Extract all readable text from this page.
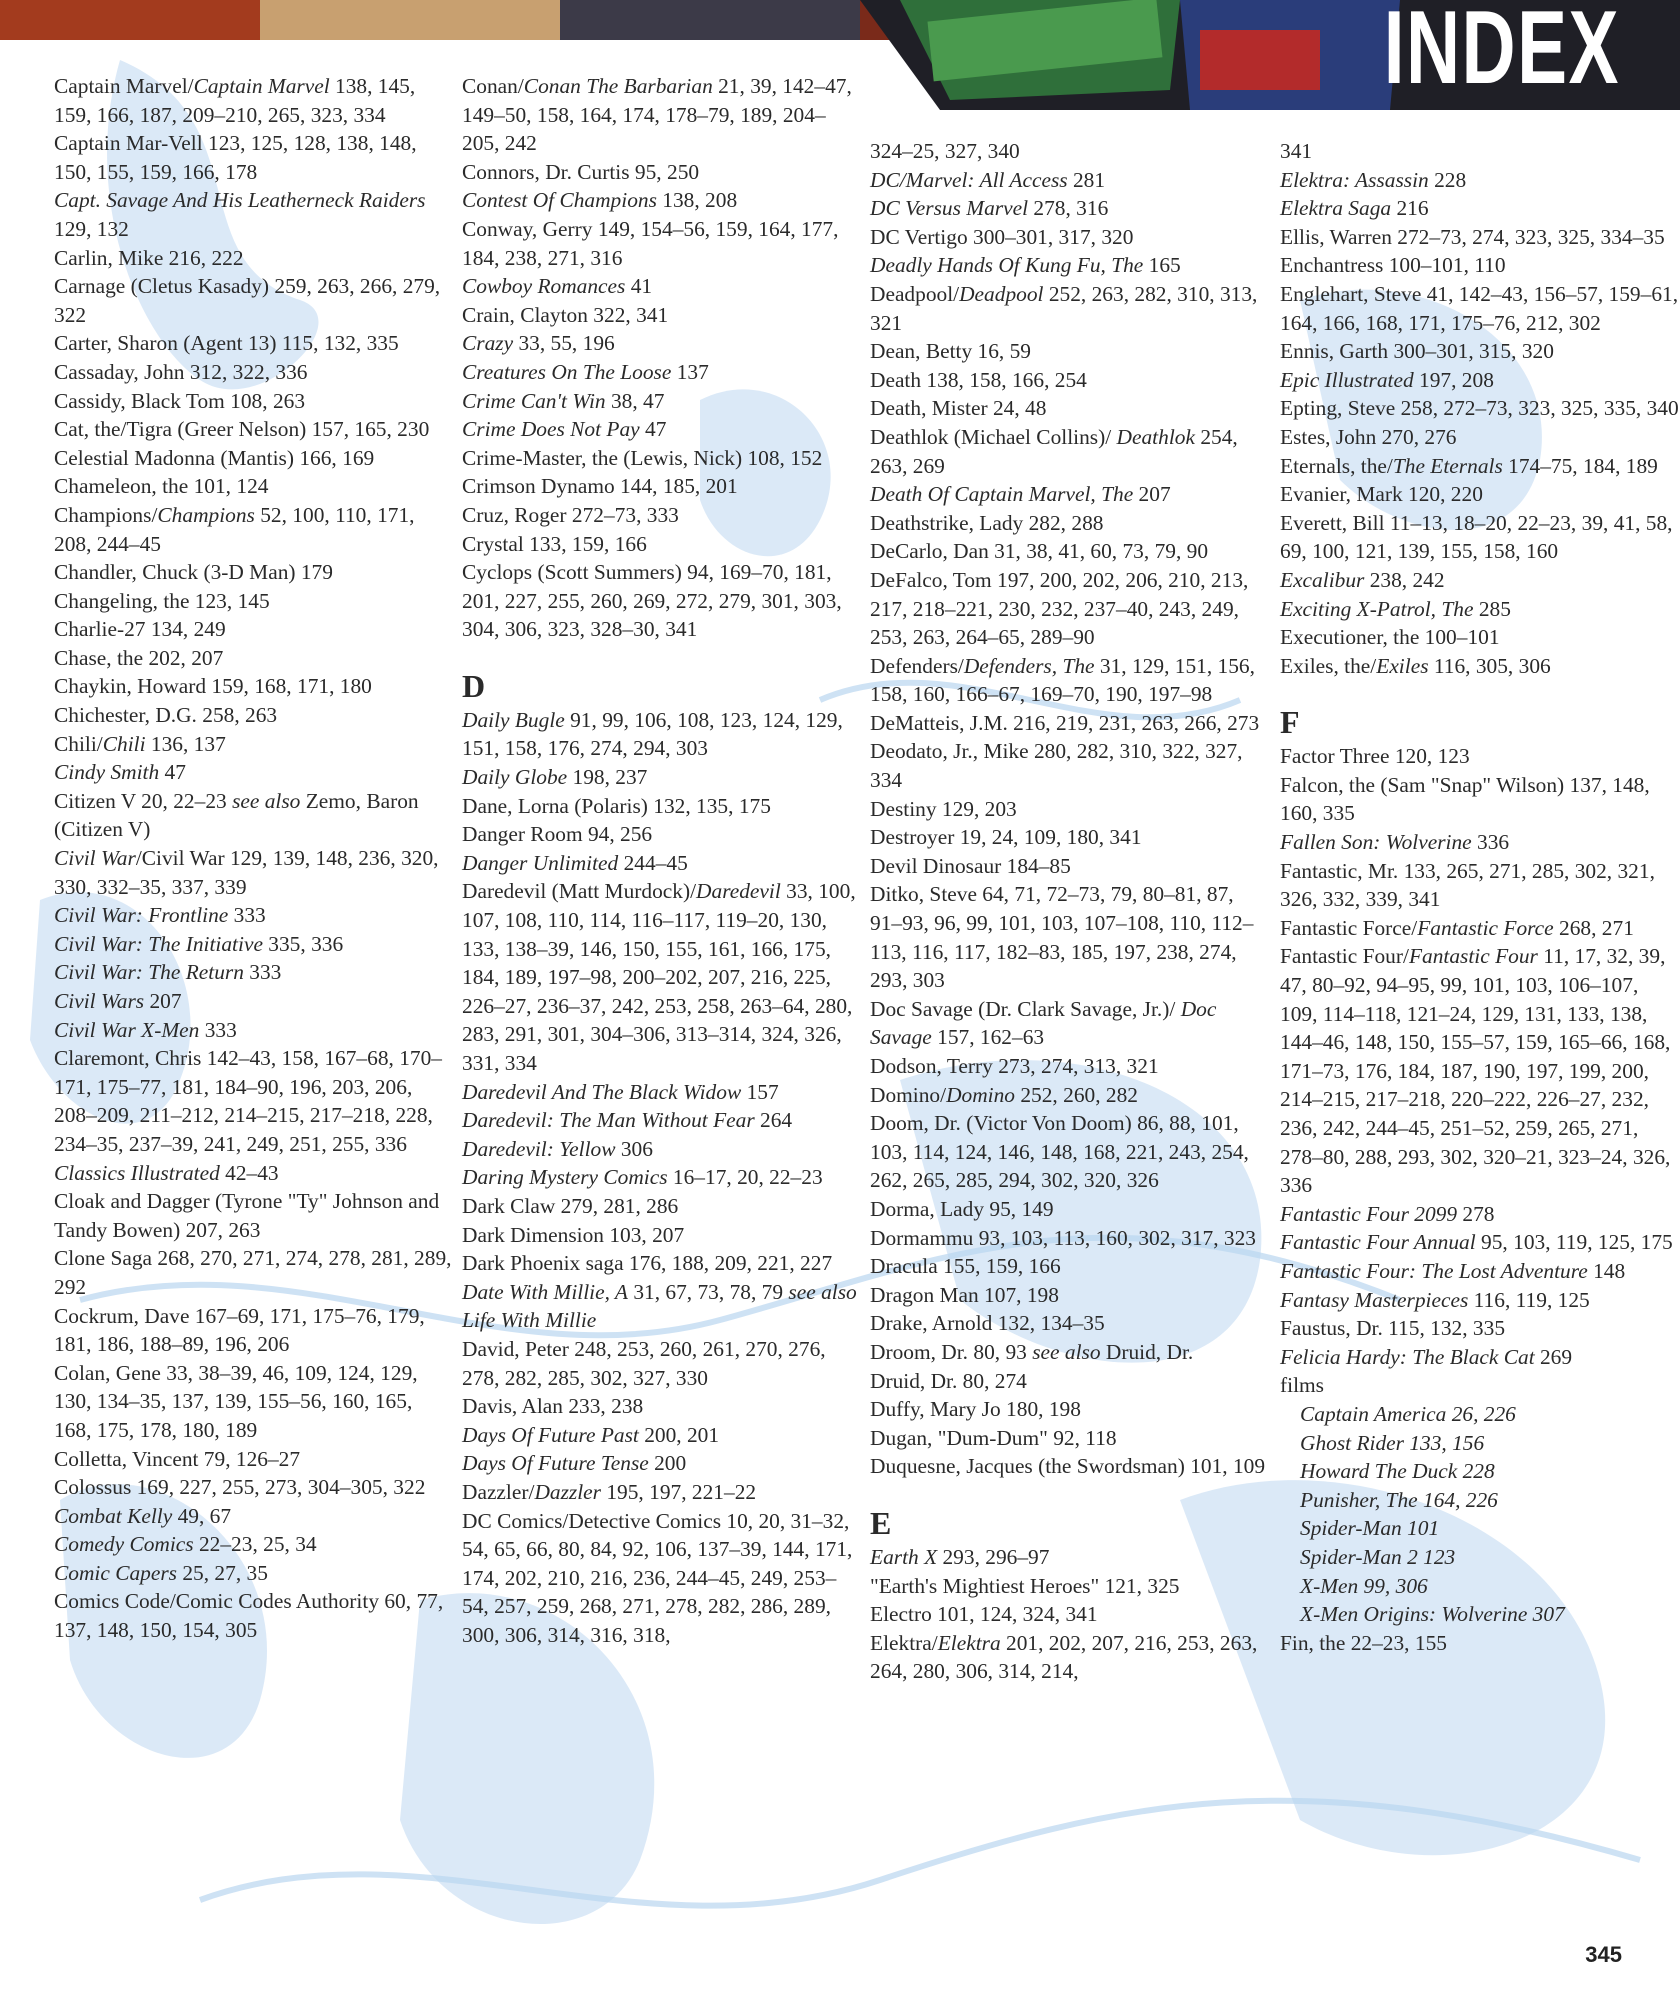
INDEX
Captain Marvel/Captain Marvel 138, 145, 159, 166, 187, 209–210, 265, 323, 334
Captain Mar-Vell 123, 125, 128, 138, 148, 150, 155, 159, 166, 178
Capt. Savage And His Leatherneck Raiders 129, 132
Carlin, Mike 216, 222
Carnage (Cletus Kasady) 259, 263, 266, 279, 322
Carter, Sharon (Agent 13) 115, 132, 335
Cassaday, John 312, 322, 336
Cassidy, Black Tom 108, 263
Cat, the/Tigra (Greer Nelson) 157, 165, 230
Celestial Madonna (Mantis) 166, 169
Chameleon, the 101, 124
Champions/Champions 52, 100, 110, 171, 208, 244–45
Chandler, Chuck (3-D Man) 179
Changeling, the 123, 145
Charlie-27 134, 249
Chase, the 202, 207
Chaykin, Howard 159, 168, 171, 180
Chichester, D.G. 258, 263
Chili/Chili 136, 137
Cindy Smith 47
Citizen V 20, 22–23 see also Zemo, Baron (Citizen V)
Civil War/Civil War 129, 139, 148, 236, 320, 330, 332–35, 337, 339
Civil War: Frontline 333
Civil War: The Initiative 335, 336
Civil War: The Return 333
Civil Wars 207
Civil War X-Men 333
Claremont, Chris 142–43, 158, 167–68, 170–171, 175–77, 181, 184–90, 196, 203, 206, 208–209, 211–212, 214–215, 217–218, 228, 234–35, 237–39, 241, 249, 251, 255, 336
Classics Illustrated 42–43
Cloak and Dagger (Tyrone "Ty" Johnson and Tandy Bowen) 207, 263
Clone Saga 268, 270, 271, 274, 278, 281, 289, 292
Cockrum, Dave 167–69, 171, 175–76, 179, 181, 186, 188–89, 196, 206
Colan, Gene 33, 38–39, 46, 109, 124, 129, 130, 134–35, 137, 139, 155–56, 160, 165, 168, 175, 178, 180, 189
Colletta, Vincent 79, 126–27
Colossus 169, 227, 255, 273, 304–305, 322
Combat Kelly 49, 67
Comedy Comics 22–23, 25, 34
Comic Capers 25, 27, 35
Comics Code/Comic Codes Authority 60, 77, 137, 148, 150, 154, 305
Conan/Conan The Barbarian 21, 39, 142–47, 149–50, 158, 164, 174, 178–79, 189, 204–205, 242
Connors, Dr. Curtis 95, 250
Contest Of Champions 138, 208
Conway, Gerry 149, 154–56, 159, 164, 177, 184, 238, 271, 316
Cowboy Romances 41
Crain, Clayton 322, 341
Crazy 33, 55, 196
Creatures On The Loose 137
Crime Can't Win 38, 47
Crime Does Not Pay 47
Crime-Master, the (Lewis, Nick) 108, 152
Crimson Dynamo 144, 185, 201
Cruz, Roger 272–73, 333
Crystal 133, 159, 166
Cyclops (Scott Summers) 94, 169–70, 181, 201, 227, 255, 260, 269, 272, 279, 301, 303, 304, 306, 323, 328–30, 341
D
Daily Bugle 91, 99, 106, 108, 123, 124, 129, 151, 158, 176, 274, 294, 303
Daily Globe 198, 237
Dane, Lorna (Polaris) 132, 135, 175
Danger Room 94, 256
Danger Unlimited 244–45
Daredevil (Matt Murdock)/Daredevil 33, 100, 107, 108, 110, 114, 116–117, 119–20, 130, 133, 138–39, 146, 150, 155, 161, 166, 175, 184, 189, 197–98, 200–202, 207, 216, 225, 226–27, 236–37, 242, 253, 258, 263–64, 280, 283, 291, 301, 304–306, 313–314, 324, 326, 331, 334
Daredevil And The Black Widow 157
Daredevil: The Man Without Fear 264
Daredevil: Yellow 306
Daring Mystery Comics 16–17, 20, 22–23
Dark Claw 279, 281, 286
Dark Dimension 103, 207
Dark Phoenix saga 176, 188, 209, 221, 227
Date With Millie, A 31, 67, 73, 78, 79 see also Life With Millie
David, Peter 248, 253, 260, 261, 270, 276, 278, 282, 285, 302, 327, 330
Davis, Alan 233, 238
Days Of Future Past 200, 201
Days Of Future Tense 200
Dazzler/Dazzler 195, 197, 221–22
DC Comics/Detective Comics 10, 20, 31–32, 54, 65, 66, 80, 84, 92, 106, 137–39, 144, 171, 174, 202, 210, 216, 236, 244–45, 249, 253–54, 257, 259, 268, 271, 278, 282, 286, 289, 300, 306, 314, 316, 318,
324–25, 327, 340
DC/Marvel: All Access 281
DC Versus Marvel 278, 316
DC Vertigo 300–301, 317, 320
Deadly Hands Of Kung Fu, The 165
Deadpool/Deadpool 252, 263, 282, 310, 313, 321
Dean, Betty 16, 59
Death 138, 158, 166, 254
Death, Mister 24, 48
Deathlok (Michael Collins)/ Deathlok 254, 263, 269
Death Of Captain Marvel, The 207
Deathstrike, Lady 282, 288
DeCarlo, Dan 31, 38, 41, 60, 73, 79, 90
DeFalco, Tom 197, 200, 202, 206, 210, 213, 217, 218–221, 230, 232, 237–40, 243, 249, 253, 263, 264–65, 289–90
Defenders/Defenders, The 31, 129, 151, 156, 158, 160, 166–67, 169–70, 190, 197–98
DeMatteis, J.M. 216, 219, 231, 263, 266, 273
Deodato, Jr., Mike 280, 282, 310, 322, 327, 334
Destiny 129, 203
Destroyer 19, 24, 109, 180, 341
Devil Dinosaur 184–85
Ditko, Steve 64, 71, 72–73, 79, 80–81, 87, 91–93, 96, 99, 101, 103, 107–108, 110, 112–113, 116, 117, 182–83, 185, 197, 238, 274, 293, 303
Doc Savage (Dr. Clark Savage, Jr.)/ Doc Savage 157, 162–63
Dodson, Terry 273, 274, 313, 321
Domino/Domino 252, 260, 282
Doom, Dr. (Victor Von Doom) 86, 88, 101, 103, 114, 124, 146, 148, 168, 221, 243, 254, 262, 265, 285, 294, 302, 320, 326
Dorma, Lady 95, 149
Dormammu 93, 103, 113, 160, 302, 317, 323
Dracula 155, 159, 166
Dragon Man 107, 198
Drake, Arnold 132, 134–35
Droom, Dr. 80, 93 see also Druid, Dr.
Druid, Dr. 80, 274
Duffy, Mary Jo 180, 198
Dugan, "Dum-Dum" 92, 118
Duquesne, Jacques (the Swordsman) 101, 109
E
Earth X 293, 296–97
"Earth's Mightiest Heroes" 121, 325
Electro 101, 124, 324, 341
Elektra/Elektra 201, 202, 207, 216, 253, 263, 264, 280, 306, 314, 214,
341
Elektra: Assassin 228
Elektra Saga 216
Ellis, Warren 272–73, 274, 323, 325, 334–35
Enchantress 100–101, 110
Englehart, Steve 41, 142–43, 156–57, 159–61, 164, 166, 168, 171, 175–76, 212, 302
Ennis, Garth 300–301, 315, 320
Epic Illustrated 197, 208
Epting, Steve 258, 272–73, 323, 325, 335, 340
Estes, John 270, 276
Eternals, the/The Eternals 174–75, 184, 189
Evanier, Mark 120, 220
Everett, Bill 11–13, 18–20, 22–23, 39, 41, 58, 69, 100, 121, 139, 155, 158, 160
Excalibur 238, 242
Exciting X-Patrol, The 285
Executioner, the 100–101
Exiles, the/Exiles 116, 305, 306
F
Factor Three 120, 123
Falcon, the (Sam "Snap" Wilson) 137, 148, 160, 335
Fallen Son: Wolverine 336
Fantastic, Mr. 133, 265, 271, 285, 302, 321, 326, 332, 339, 341
Fantastic Force/Fantastic Force 268, 271
Fantastic Four/Fantastic Four 11, 17, 32, 39, 47, 80–92, 94–95, 99, 101, 103, 106–107, 109, 114–118, 121–24, 129, 131, 133, 138, 144–46, 148, 150, 155–57, 159, 165–66, 168, 171–73, 176, 184, 187, 190, 197, 199, 200, 214–215, 217–218, 220–222, 226–27, 232, 236, 242, 244–45, 251–52, 259, 265, 271, 278–80, 288, 293, 302, 320–21, 323–24, 326, 336
Fantastic Four 2099 278
Fantastic Four Annual 95, 103, 119, 125, 175
Fantastic Four: The Lost Adventure 148
Fantasy Masterpieces 116, 119, 125
Faustus, Dr. 115, 132, 335
Felicia Hardy: The Black Cat 269
films
Captain America 26, 226
Ghost Rider 133, 156
Howard The Duck 228
Punisher, The 164, 226
Spider-Man 101
Spider-Man 2 123
X-Men 99, 306
X-Men Origins: Wolverine 307
Fin, the 22–23, 155
345
